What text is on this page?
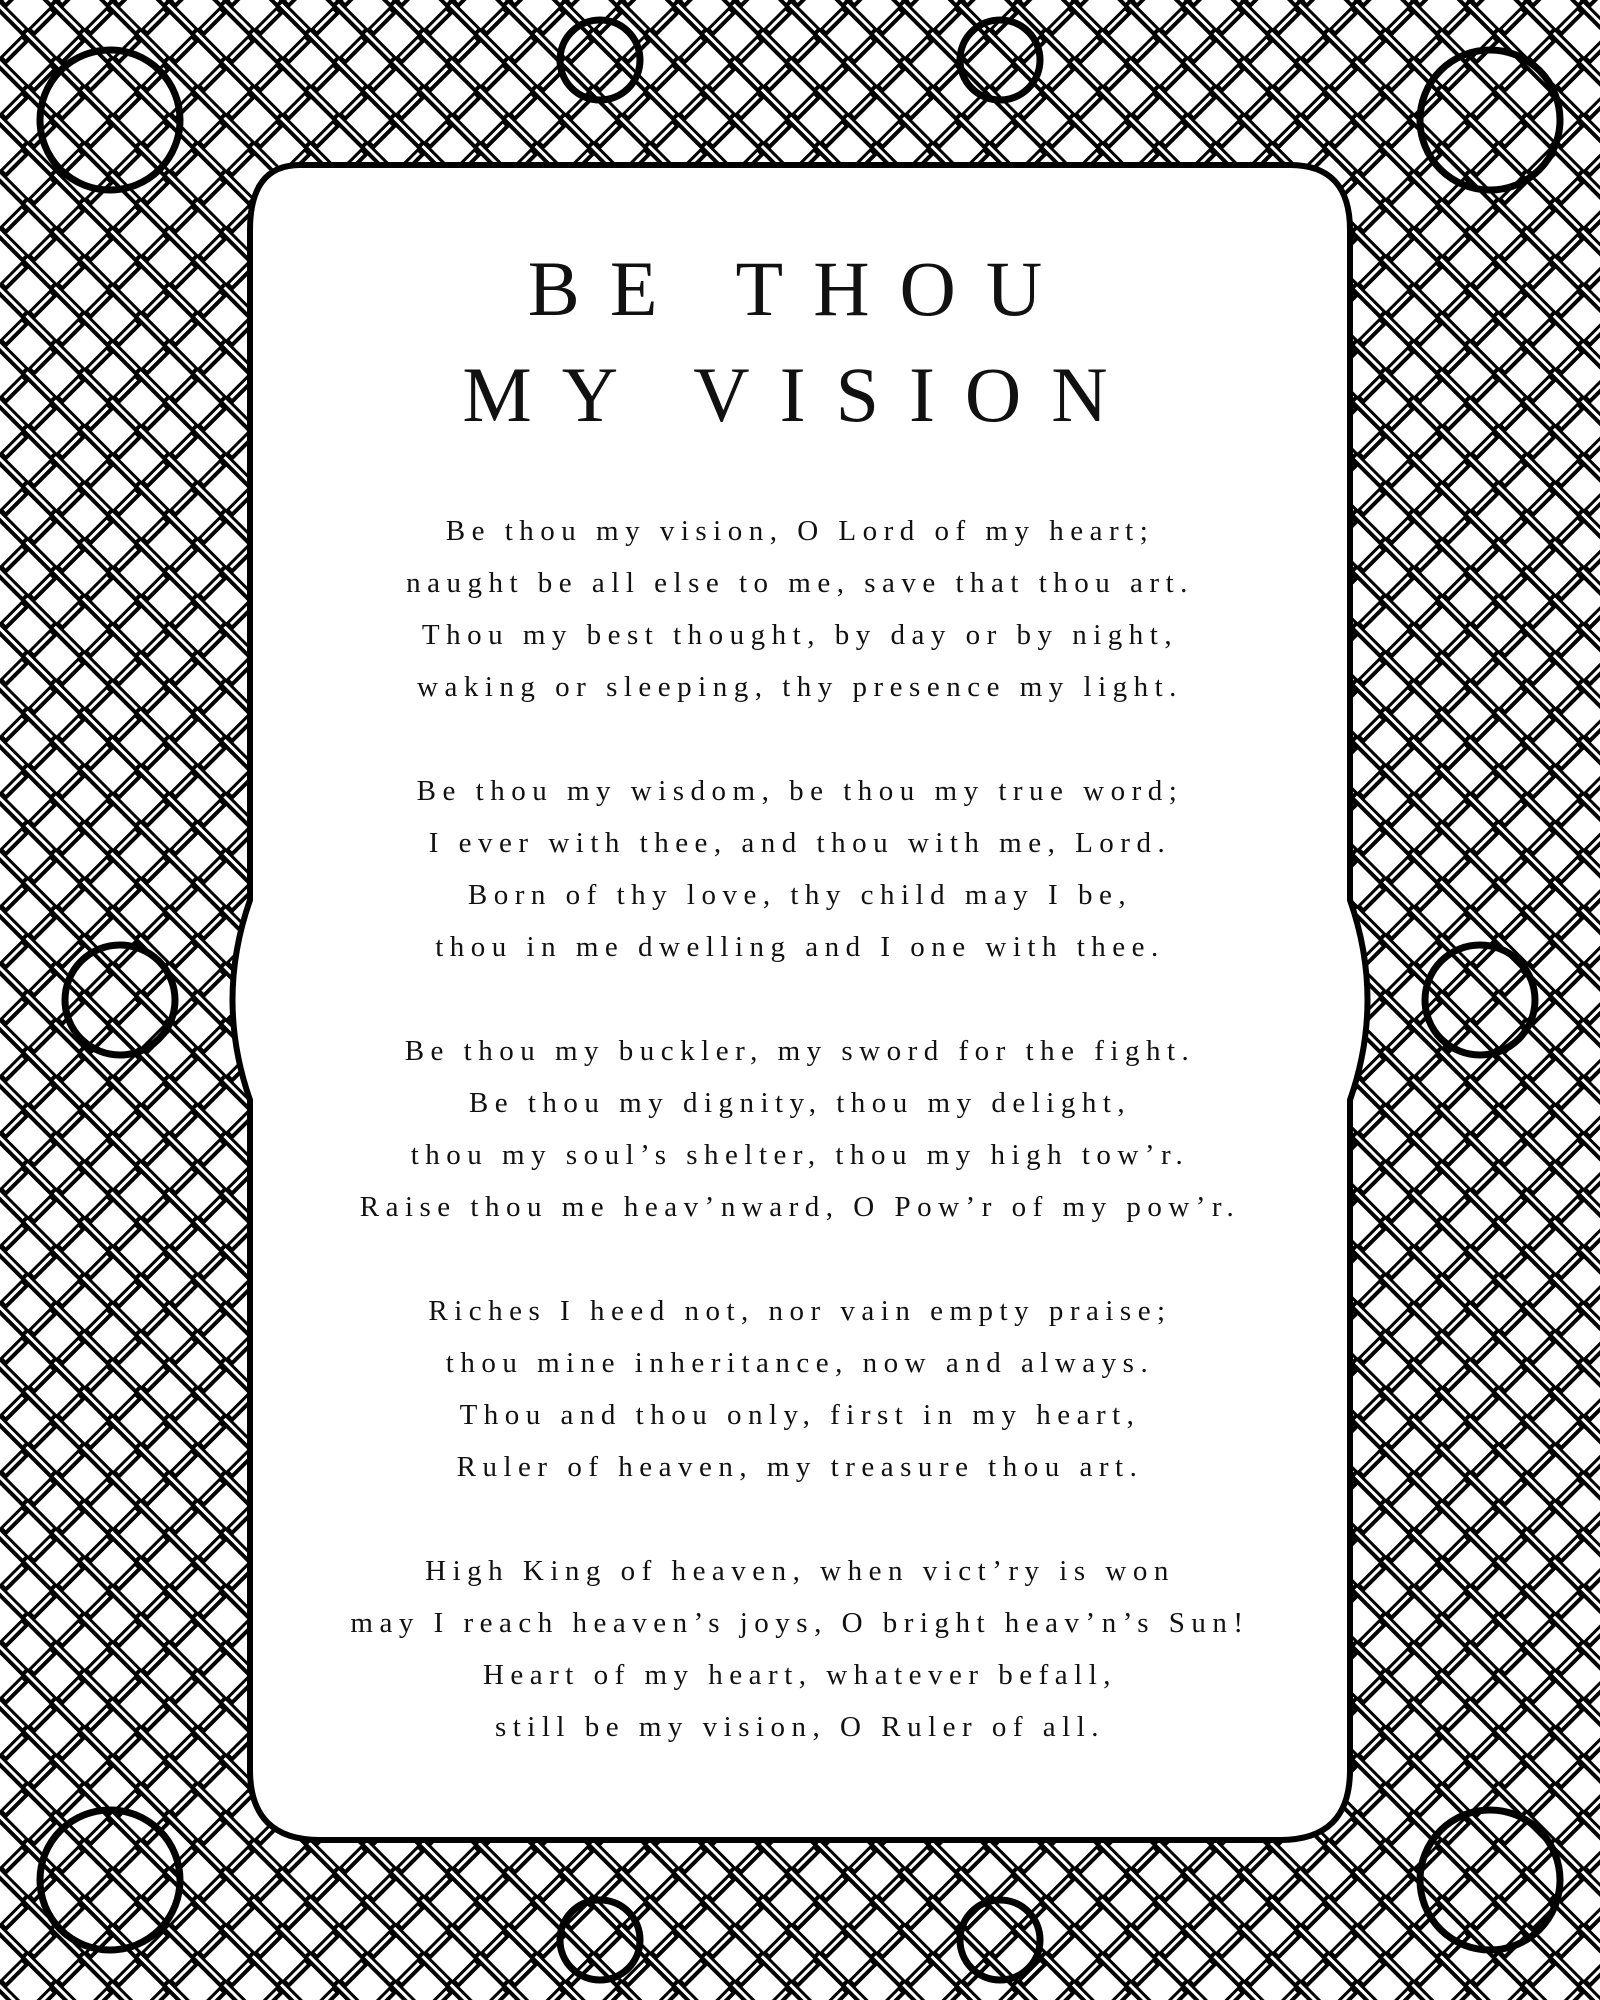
BE THOU
MY VISION
Be thou my vision, O Lord of my heart;
naught be all else to me, save that thou art.
Thou my best thought, by day or by night,
waking or sleeping, thy presence my light.
Be thou my wisdom, be thou my true word;
I ever with thee, and thou with me, Lord.
Born of thy love, thy child may I be,
thou in me dwelling and I one with thee.
Be thou my buckler, my sword for the fight.
Be thou my dignity, thou my delight,
thou my soul’s shelter, thou my high tow’r.
Raise thou me heav’nward, O Pow’r of my pow’r.
Riches I heed not, nor vain empty praise;
thou mine inheritance, now and always.
Thou and thou only, first in my heart,
Ruler of heaven, my treasure thou art.
High King of heaven, when vict’ry is won
may I reach heaven’s joys, O bright heav’n’s Sun!
Heart of my heart, whatever befall,
still be my vision, O Ruler of all.
